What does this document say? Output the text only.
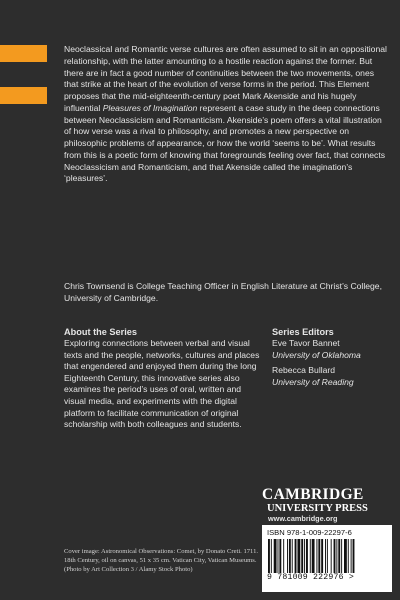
Neoclassical and Romantic verse cultures are often assumed to sit in an oppositional relationship, with the latter amounting to a hostile reaction against the former. But there are in fact a good number of continuities between the two movements, ones that strike at the heart of the evolution of verse forms in the period. This Element proposes that the mid-eighteenth-century poet Mark Akenside and his hugely influential Pleasures of Imagination represent a case study in the deep connections between Neoclassicism and Romanticism. Akenside’s poem offers a vital illustration of how verse was a rival to philosophy, and promotes a new perspective on philosophic problems of appearance, or how the world ‘seems to be’. What results from this is a poetic form of knowing that foregrounds feeling over fact, that connects Neoclassicism and Romanticism, and that Akenside called the imagination’s ‘pleasures’.

Chris Townsend is College Teaching Officer in English Literature at Christ’s College, University of Cambridge.

About the Series

Exploring connections between verbal and visual texts and the people, networks, cultures and places that engendered and enjoyed them during the long Eighteenth Century, this innovative series also examines the period’s uses of oral, written and visual media, and experiments with the digital platform to facilitate communication of original scholarship with both colleagues and students.

Series Editors
Eve Tavor Bannet
University of Oklahoma
Rebecca Bullard
University of Reading
CAMBRIDGE
UNIVERSITY PRESS
www.cambridge.org
ISBN 978-1-009-22297-6
9 781009 222976 >

Cover image: Astronomical Observations: Comet, by Donato Creti. 1711. 18th Century, oil on canvas, 51 x 35 cm. Vatican City, Vatican Museums. (Photo by Art Collection 3 / Alamy Stock Photo)
